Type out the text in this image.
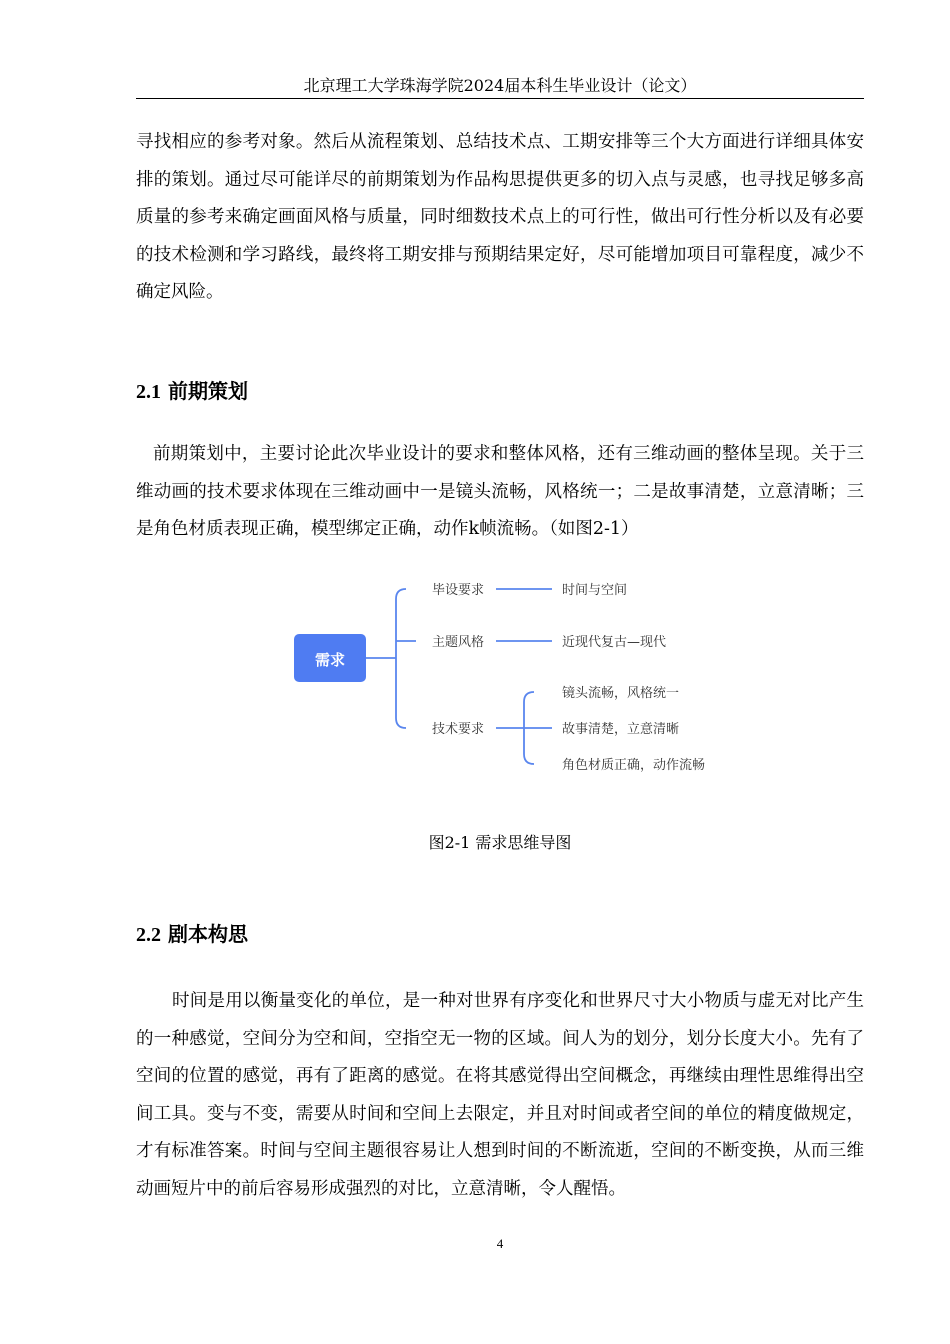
北京理工大学珠海学院2024届本科生毕业设计（论文）

寻找相应的参考对象。然后从流程策划、总结技术点、工期安排等三个大方面进行详细具体安排的策划。通过尽可能详尽的前期策划为作品构思提供更多的切入点与灵感，也寻找足够多高质量的参考来确定画面风格与质量，同时细数技术点上的可行性，做出可行性分析以及有必要的技术检测和学习路线，最终将工期安排与预期结果定好，尽可能增加项目可靠程度，减少不确定风险。

2.1 前期策划

前期策划中，主要讨论此次毕业设计的要求和整体风格，还有三维动画的整体呈现。关于三维动画的技术要求体现在三维动画中一是镜头流畅，风格统一；二是故事清楚，立意清晰；三是角色材质表现正确，模型绑定正确，动作k帧流畅。（如图2-1）

需求
毕设要求
主题风格
技术要求
时间与空间
近现代复古—现代
镜头流畅，风格统一
故事清楚，立意清晰
角色材质正确，动作流畅
图2-1 需求思维导图
2.2 剧本构思

时间是用以衡量变化的单位，是一种对世界有序变化和世界尺寸大小物质与虚无对比产生的一种感觉，空间分为空和间，空指空无一物的区域。间人为的划分，划分长度大小。先有了空间的位置的感觉，再有了距离的感觉。在将其感觉得出空间概念，再继续由理性思维得出空间工具。变与不变，需要从时间和空间上去限定，并且对时间或者空间的单位的精度做规定，才有标准答案。时间与空间主题很容易让人想到时间的不断流逝，空间的不断变换，从而三维动画短片中的前后容易形成强烈的对比，立意清晰，令人醒悟。

4
